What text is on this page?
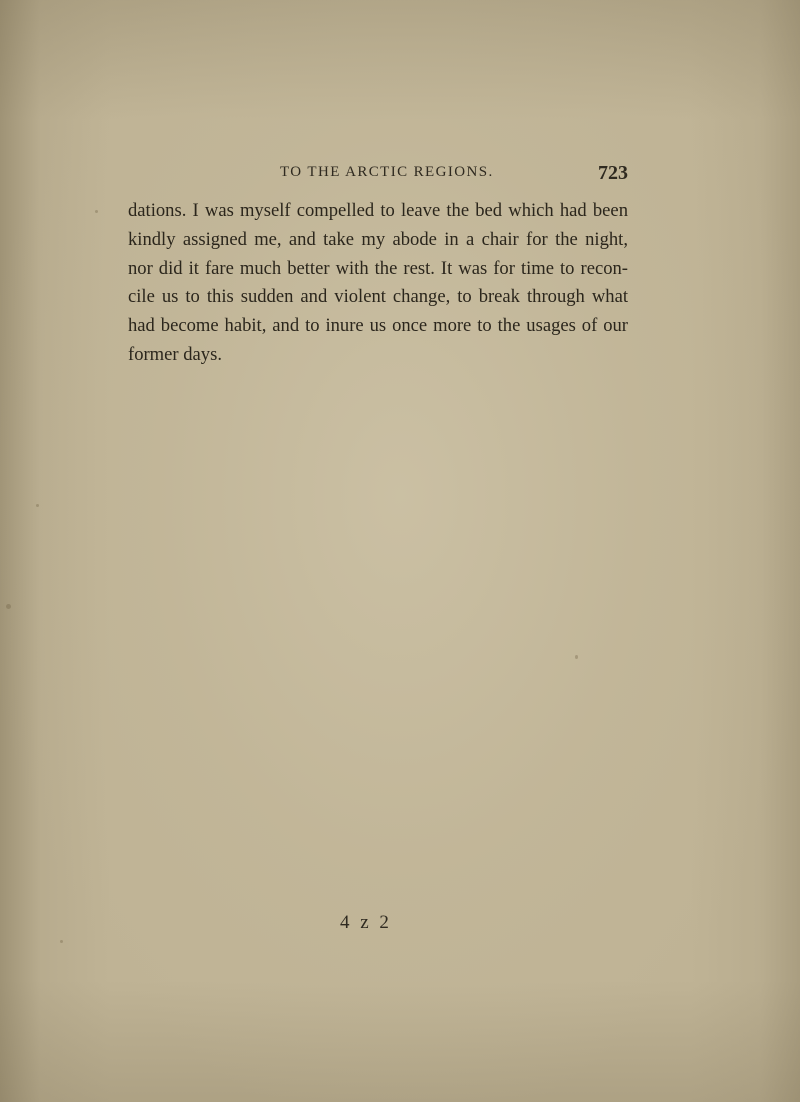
TO THE ARCTIC REGIONS.	723
dations. I was myself compelled to leave the bed which had been
kindly assigned me, and take my abode in a chair for the night,
nor did it fare much better with the rest. It was for time to recon-
cile us to this sudden and violent change, to break through what
had become habit, and to inure us once more to the usages of our
former days.
4 z 2
